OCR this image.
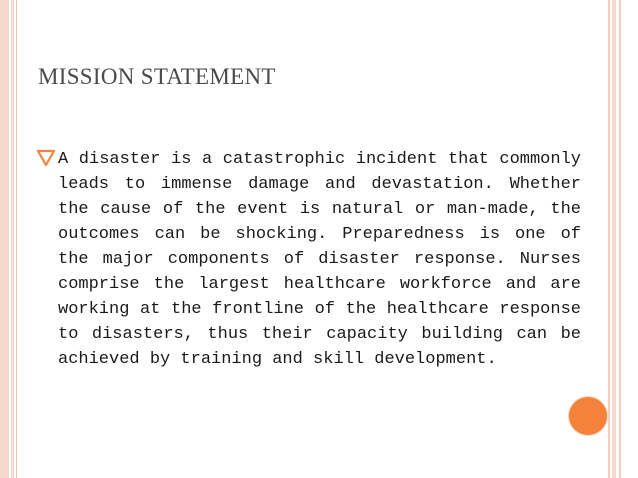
MISSION STATEMENT
A disaster is a catastrophic incident that commonly leads to immense damage and devastation. Whether the cause of the event is natural or man-made, the outcomes can be shocking. Preparedness is one of the major components of disaster response. Nurses comprise the largest healthcare workforce and are working at the frontline of the healthcare response to disasters, thus their capacity building can be achieved by training and skill development.
